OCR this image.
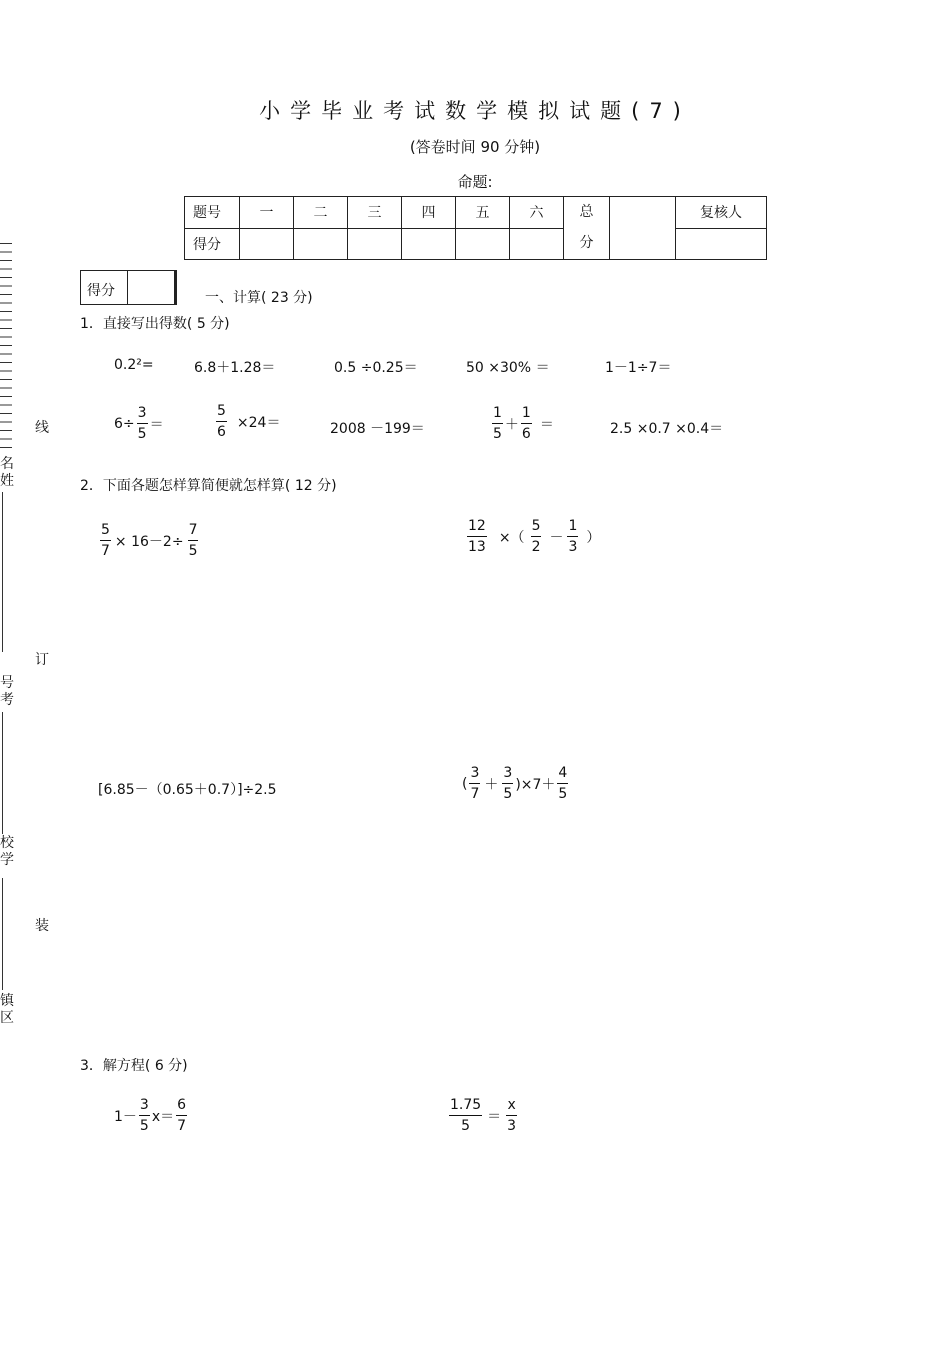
名
姓
号
考
校
学
镇
区
线
订
装
小学毕业考试数学模拟试题(7)
(答卷时间 90 分钟)
命题:
题号	一	二	三	四	五	六	总分		复核人
得分									
得分	一、计算( 23 分)
1．直接写出得数( 5 分)
0.2²=	6.8＋1.28＝	0.5 ÷0.25＝	50 ×30% ＝	1－1÷7＝
$6\div \frac{3}{5}$ ＝	$\frac{5}{6} \times 24=$	2008 －199＝	$\frac{1}{5} + \frac{1}{6}$ ＝	2.5 ×0.7 ×0.4＝
2．下面各题怎样算简便就怎样算( 12 分)
$\frac{5}{7} \times 16-2\div \frac{7}{5}$	$\frac{12}{13}$ ×（ $\frac{5}{2} - \frac{1}{3}$ ）
[6.85－（0.65＋0.7）]÷2.5	( $\frac{3}{7} + \frac{3}{5} )\times 7+ \frac{4}{5}$
3．解方程( 6 分)
$1- \frac{3}{5} x= \frac{6}{7}$	$\frac{1.75}{5} = \frac{x}{3}$
